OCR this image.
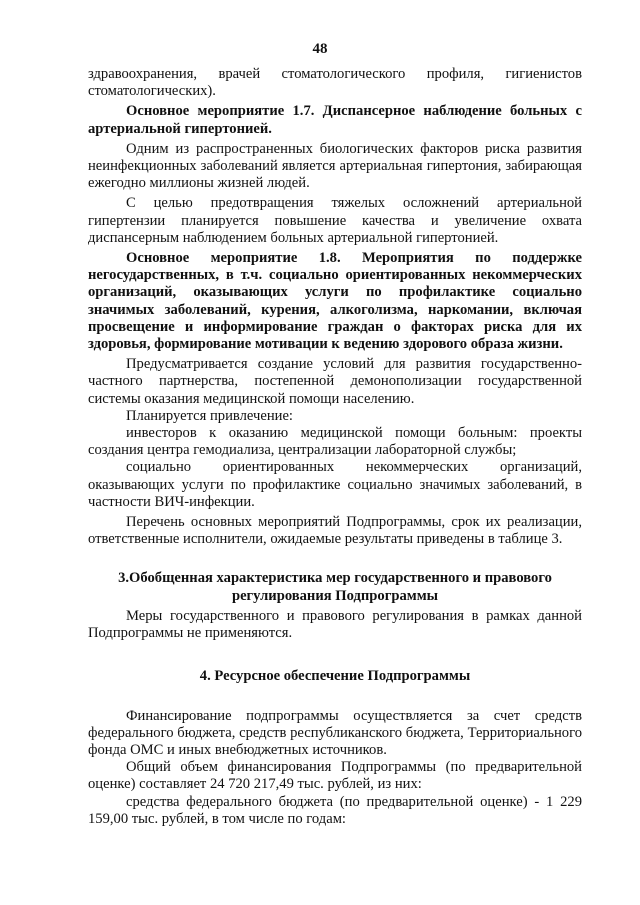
48

здравоохранения, врачей стоматологического профиля, гигиенистов стоматологических).

Основное мероприятие 1.7. Диспансерное наблюдение больных с артериальной гипертонией.

Одним из распространенных биологических факторов риска развития неинфекционных заболеваний является артериальная гипертония, забирающая ежегодно миллионы жизней людей.

С целью предотвращения тяжелых осложнений артериальной гипертензии планируется повышение качества и увеличение охвата диспансерным наблюдением больных артериальной гипертонией.

Основное мероприятие 1.8. Мероприятия по поддержке негосударственных, в т.ч. социально ориентированных некоммерческих организаций, оказывающих услуги по профилактике социально значимых заболеваний, курения, алкоголизма, наркомании, включая просвещение и информирование граждан о факторах риска для их здоровья, формирование мотивации к ведению здорового образа жизни.

Предусматривается создание условий для развития государственно-частного партнерства, постепенной демонополизации государственной системы оказания медицинской помощи населению.

Планируется привлечение:

инвесторов к оказанию медицинской помощи больным: проекты создания центра гемодиализа, централизации лабораторной службы;

социально ориентированных некоммерческих организаций, оказывающих услуги по профилактике социально значимых заболеваний, в частности ВИЧ-инфекции.

Перечень основных мероприятий Подпрограммы, срок их реализации, ответственные исполнители, ожидаемые результаты приведены в таблице 3.

3.Обобщенная характеристика мер государственного и правового

регулирования Подпрограммы

Меры государственного и правового регулирования в рамках данной Подпрограммы не применяются.

4. Ресурсное обеспечение Подпрограммы

Финансирование подпрограммы осуществляется за счет средств федерального бюджета, средств республиканского бюджета, Территориального фонда ОМС и иных внебюджетных источников.

Общий объем финансирования Подпрограммы (по предварительной оценке) составляет 24 720 217,49 тыс. рублей, из них:

средства федерального бюджета (по предварительной оценке) - 1 229 159,00 тыс. рублей, в том числе по годам:
